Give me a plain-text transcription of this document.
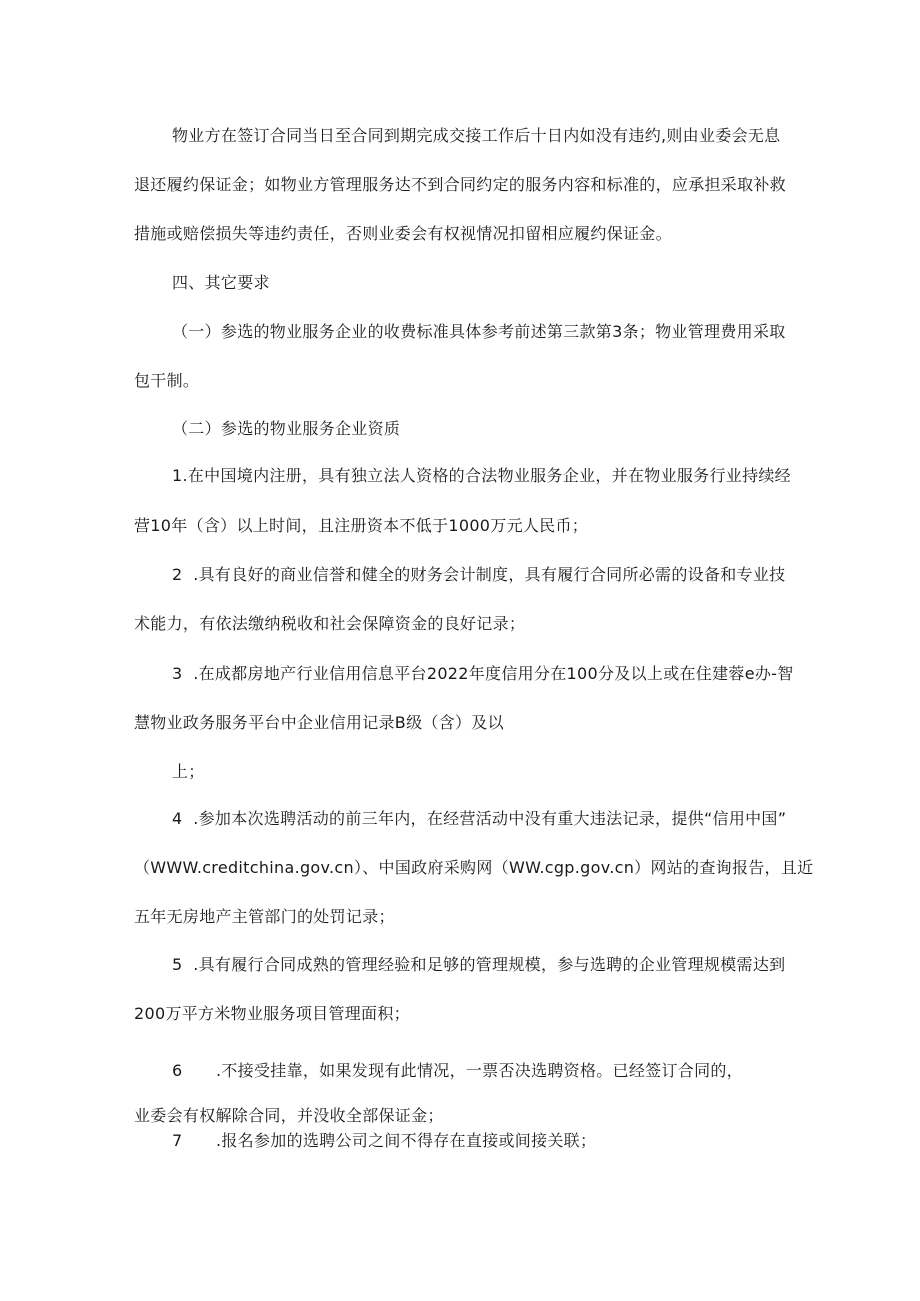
物业方在签订合同当日至合同到期完成交接工作后十日内如没有违约,则由业委会无息
退还履约保证金；如物业方管理服务达不到合同约定的服务内容和标准的，应承担采取补救
措施或赔偿损失等违约责任，否则业委会有权视情况扣留相应履约保证金。
四、其它要求
（一）参选的物业服务企业的收费标准具体参考前述第三款第3条；物业管理费用采取
包干制。
（二）参选的物业服务企业资质
1.在中国境内注册，具有独立法人资格的合法物业服务企业，并在物业服务行业持续经
营10年（含）以上时间，且注册资本不低于1000万元人民币；
2  .具有良好的商业信誉和健全的财务会计制度，具有履行合同所必需的设备和专业技
术能力，有依法缴纳税收和社会保障资金的良好记录；
3  .在成都房地产行业信用信息平台2022年度信用分在100分及以上或在住建蓉e办-智
慧物业政务服务平台中企业信用记录B级（含）及以
上；
4  .参加本次选聘活动的前三年内，在经营活动中没有重大违法记录，提供“信用中国”
（WWW.creditchina.gov.cn）、中国政府采购网（WW.cgp.gov.cn）网站的查询报告，且近
五年无房地产主管部门的处罚记录；
5  .具有履行合同成熟的管理经验和足够的管理规模，参与选聘的企业管理规模需达到
200万平方米物业服务项目管理面积；
6 .不接受挂靠，如果发现有此情况，一票否决选聘资格。已经签订合同的，
业委会有权解除合同，并没收全部保证金；
7 .报名参加的选聘公司之间不得存在直接或间接关联；
